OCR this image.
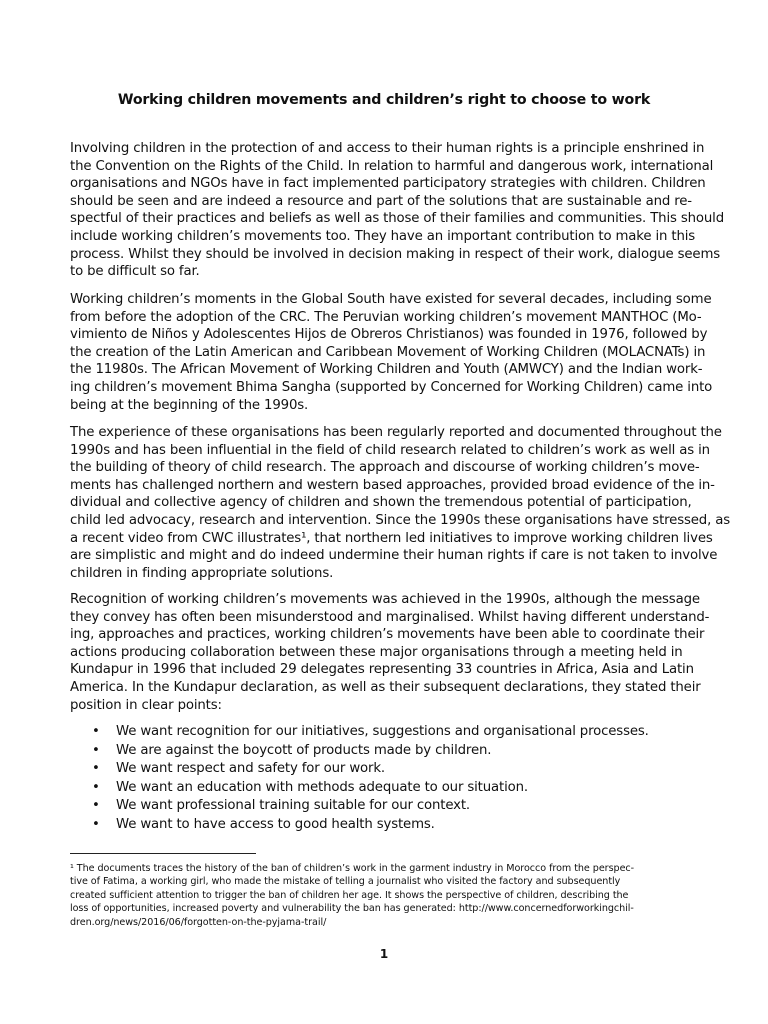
Working children movements and children’s right to choose to work

Involving children in the protection of and access to their human rights is a principle enshrined in
the Convention on the Rights of the Child. In relation to harmful and dangerous work, international
organisations and NGOs have in fact implemented participatory strategies with children. Children
should be seen and are indeed a resource and part of the solutions that are sustainable and re-
spectful of their practices and beliefs as well as those of their families and communities. This should
include working children’s movements too. They have an important contribution to make in this
process. Whilst they should be involved in decision making in respect of their work, dialogue seems
to be difficult so far.

Working children’s moments in the Global South have existed for several decades, including some
from before the adoption of the CRC. The Peruvian working children’s movement MANTHOC (Mo-
vimiento de Niños y Adolescentes Hijos de Obreros Christianos) was founded in 1976, followed by
the creation of the Latin American and Caribbean Movement of Working Children (MOLACNATs) in
the 11980s. The African Movement of Working Children and Youth (AMWCY) and the Indian work-
ing children’s movement Bhima Sangha (supported by Concerned for Working Children) came into
being at the beginning of the 1990s.

The experience of these organisations has been regularly reported and documented throughout the
1990s and has been influential in the field of child research related to children’s work as well as in
the building of theory of child research. The approach and discourse of working children’s move-
ments has challenged northern and western based approaches, provided broad evidence of the in-
dividual and collective agency of children and shown the tremendous potential of participation,
child led advocacy, research and intervention. Since the 1990s these organisations have stressed, as
a recent video from CWC illustrates¹, that northern led initiatives to improve working children lives
are simplistic and might and do indeed undermine their human rights if care is not taken to involve
children in finding appropriate solutions.

Recognition of working children’s movements was achieved in the 1990s, although the message
they convey has often been misunderstood and marginalised. Whilst having different understand-
ing, approaches and practices, working children’s movements have been able to coordinate their
actions producing collaboration between these major organisations through a meeting held in
Kundapur in 1996 that included 29 delegates representing 33 countries in Africa, Asia and Latin
America. In the Kundapur declaration, as well as their subsequent declarations, they stated their
position in clear points:

• We want recognition for our initiatives, suggestions and organisational processes.
• We are against the boycott of products made by children.
• We want respect and safety for our work.
• We want an education with methods adequate to our situation.
• We want professional training suitable for our context.
• We want to have access to good health systems.

¹ The documents traces the history of the ban of children’s work in the garment industry in Morocco from the perspec-
tive of Fatima, a working girl, who made the mistake of telling a journalist who visited the factory and subsequently
created sufficient attention to trigger the ban of children her age. It shows the perspective of children, describing the
loss of opportunities, increased poverty and vulnerability the ban has generated: http://www.concernedforworkingchil-
dren.org/news/2016/06/forgotten-on-the-pyjama-trail/

1
